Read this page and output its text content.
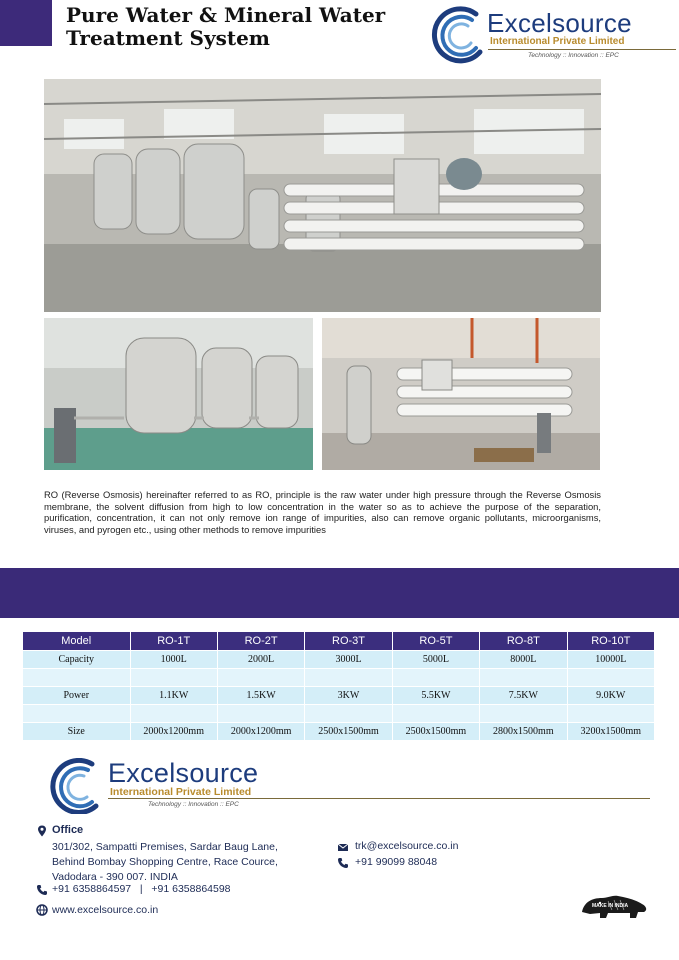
Pure Water & Mineral Water
Treatment System	Excelsource
International Private Limited
Technology :: Innovation :: EPC
RO (Reverse Osmosis) hereinafter referred to as RO, principle is the raw water under high pressure through the Reverse Osmosis membrane, the solvent diffusion from high to low concentration in the water so as to achieve the purpose of the separation, purification, concentration, it can not only remove ion range of impurities, also can remove organic pollutants, microorganisms, viruses, and pyrogen etc., using other methods to remove impurities
Model	RO-1T	RO-2T	RO-3T	RO-5T	RO-8T	RO-10T
Capacity	1000L	2000L	3000L	5000L	8000L	10000L

Power	1.1KW	1.5KW	3KW	5.5KW	7.5KW	9.0KW

Size	2000x1200mm	2000x1200mm	2500x1500mm	2500x1500mm	2800x1500mm	3200x1500mm
Excelsource
International Private Limited
Technology :: Innovation :: EPC
Office
301/302, Sampatti Premises, Sardar Baug Lane,
Behind Bombay Shopping Centre, Race Cource,
Vadodara - 390 007. INDIA
+91 6358864597 | +91 6358864598
www.excelsource.co.in
trk@excelsource.co.in
+91 99099 88048
MAKE IN INDIA
